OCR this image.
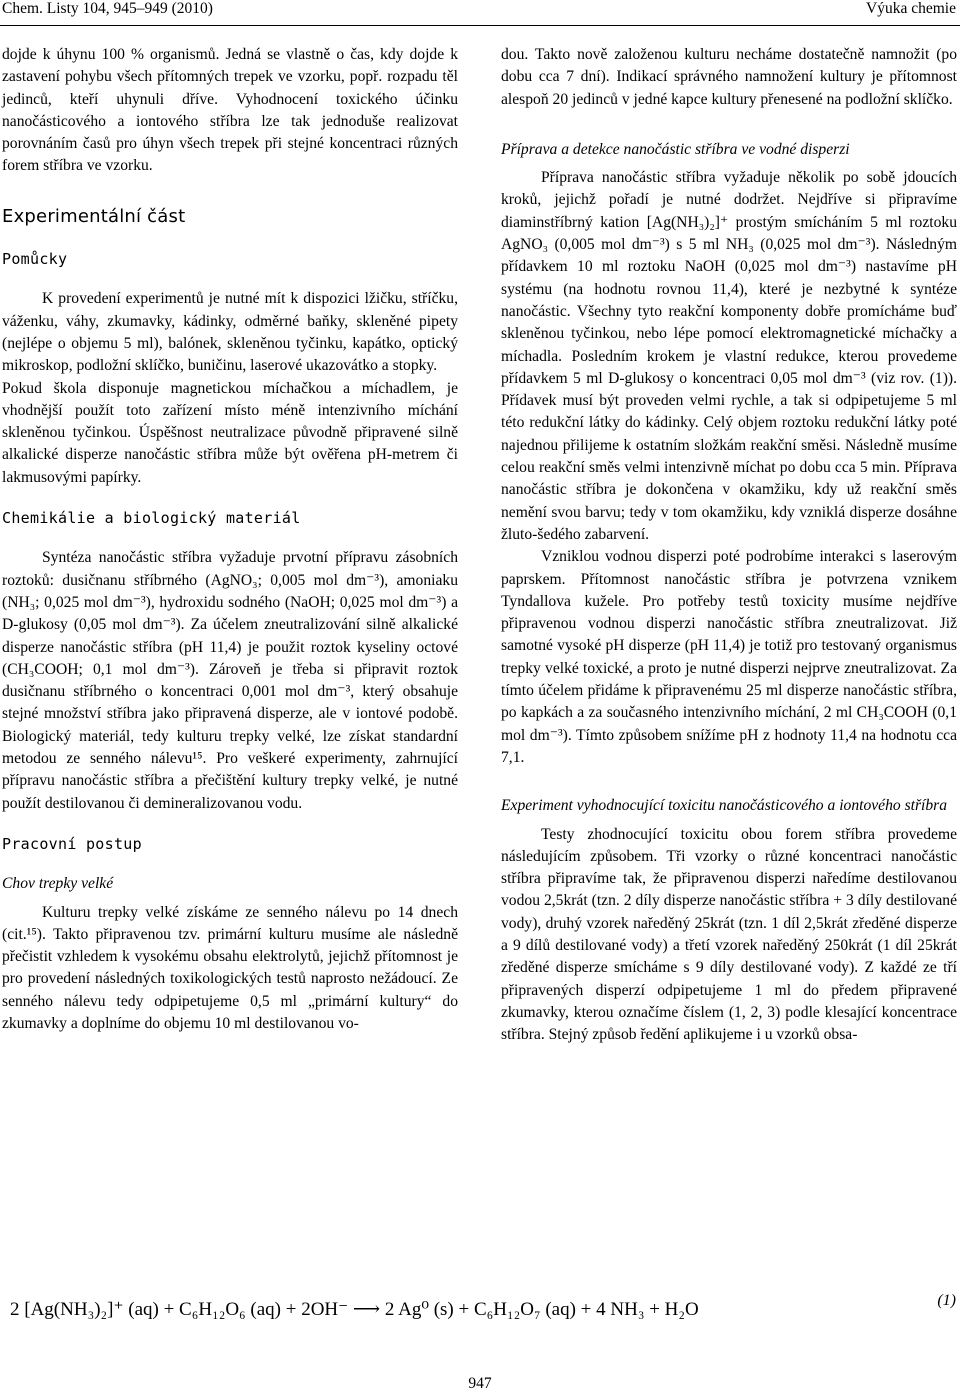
Chem. Listy 104, 945–949 (2010)	Výuka chemie

dojde k úhynu 100 % organismů. Jedná se vlastně o čas, kdy dojde k zastavení pohybu všech přítomných trepek ve vzorku, popř. rozpadu těl jedinců, kteří uhynuli dříve. Vyhodnocení toxického účinku nanočásticového a iontového stříbra lze tak jednoduše realizovat porovnáním časů pro úhyn všech trepek při stejné koncentraci různých forem stříbra ve vzorku.

Experimentální část
Pomůcky

K provedení experimentů je nutné mít k dispozici lžičku, stříčku, váženku, váhy, zkumavky, kádinky, odměrné baňky, skleněné pipety (nejlépe o objemu 5 ml), balónek, skleněnou tyčinku, kapátko, optický mikroskop, podložní sklíčko, buničinu, laserové ukazovátko a stopky.

Pokud škola disponuje magnetickou míchačkou a míchadlem, je vhodnější použít toto zařízení místo méně intenzivního míchání skleněnou tyčinkou. Úspěšnost neutralizace původně připravené silně alkalické disperze nanočástic stříbra může být ověřena pH-metrem či lakmusovými papírky.

Chemikálie a biologický materiál

Syntéza nanočástic stříbra vyžaduje prvotní přípravu zásobních roztoků: dusičnanu stříbrného (AgNO₃; 0,005 mol dm⁻³), amoniaku (NH₃; 0,025 mol dm⁻³), hydroxidu sodného (NaOH; 0,025 mol dm⁻³) a D-glukosy (0,05 mol dm⁻³). Za účelem zneutralizování silně alkalické disperze nanočástic stříbra (pH 11,4) je použit roztok kyseliny octové (CH₃COOH; 0,1 mol dm⁻³). Zároveň je třeba si připravit roztok dusičnanu stříbrného o koncentraci 0,001 mol dm⁻³, který obsahuje stejné množství stříbra jako připravená disperze, ale v iontové podobě. Biologický materiál, tedy kulturu trepky velké, lze získat standardní metodou ze senného nálevu¹⁵. Pro veškeré experimenty, zahrnující přípravu nanočástic stříbra a přečištění kultury trepky velké, je nutné použít destilovanou či demineralizovanou vodu.

Pracovní postup
Chov trepky velké

Kulturu trepky velké získáme ze senného nálevu po 14 dnech (cit.¹⁵). Takto připravenou tzv. primární kulturu musíme ale následně přečistit vzhledem k vysokému obsahu elektrolytů, jejichž přítomnost je pro provedení následných toxikologických testů naprosto nežádoucí. Ze senného nálevu tedy odpipetujeme 0,5 ml „primární kultury“ do zkumavky a doplníme do objemu 10 ml destilovanou vo-

dou. Takto nově založenou kulturu necháme dostatečně namnožit (po dobu cca 7 dní). Indikací správného namnožení kultury je přítomnost alespoň 20 jedinců v jedné kapce kultury přenesené na podložní sklíčko.

Příprava a detekce nanočástic stříbra ve vodné disperzi

Příprava nanočástic stříbra vyžaduje několik po sobě jdoucích kroků, jejichž pořadí je nutné dodržet. Nejdříve si připravíme diaminstříbrný kation [Ag(NH₃)₂]⁺ prostým smícháním 5 ml roztoku AgNO₃ (0,005 mol dm⁻³) s 5 ml NH₃ (0,025 mol dm⁻³). Následným přídavkem 10 ml roztoku NaOH (0,025 mol dm⁻³) nastavíme pH systému (na hodnotu rovnou 11,4), které je nezbytné k syntéze nanočástic. Všechny tyto reakční komponenty dobře promícháme buď skleněnou tyčinkou, nebo lépe pomocí elektromagnetické míchačky a míchadla. Posledním krokem je vlastní redukce, kterou provedeme přídavkem 5 ml D-glukosy o koncentraci 0,05 mol dm⁻³ (viz rov. (1)). Přídavek musí být proveden velmi rychle, a tak si odpipetujeme 5 ml této redukční látky do kádinky. Celý objem roztoku redukční látky poté najednou přilijeme k ostatním složkám reakční směsi. Následně musíme celou reakční směs velmi intenzivně míchat po dobu cca 5 min. Příprava nanočástic stříbra je dokončena v okamžiku, kdy už reakční směs nemění svou barvu; tedy v tom okamžiku, kdy vzniklá disperze dosáhne žluto-šedého zabarvení.

Vzniklou vodnou disperzi poté podrobíme interakci s laserovým paprskem. Přítomnost nanočástic stříbra je potvrzena vznikem Tyndallova kužele. Pro potřeby testů toxicity musíme nejdříve připravenou vodnou disperzi nanočástic stříbra zneutralizovat. Již samotné vysoké pH disperze (pH 11,4) je totiž pro testovaný organismus trepky velké toxické, a proto je nutné disperzi nejprve zneutralizovat. Za tímto účelem přidáme k připravenému 25 ml disperze nanočástic stříbra, po kapkách a za současného intenzivního míchání, 2 ml CH₃COOH (0,1 mol dm⁻³). Tímto způsobem snížíme pH z hodnoty 11,4 na hodnotu cca 7,1.

Experiment vyhodnocující toxicitu nanočásticového a iontového stříbra

Testy zhodnocující toxicitu obou forem stříbra provedeme následujícím způsobem. Tři vzorky o různé koncentraci nanočástic stříbra připravíme tak, že připravenou disperzi naředíme destilovanou vodou 2,5krát (tzn. 2 díly disperze nanočástic stříbra + 3 díly destilované vody), druhý vzorek naředěný 25krát (tzn. 1 díl 2,5krát zředěné disperze a 9 dílů destilované vody) a třetí vzorek naředěný 250krát (1 díl 25krát zředěné disperze smícháme s 9 díly destilované vody). Z každé ze tří připravených disperzí odpipetujeme 1 ml do předem připravené zkumavky, kterou označíme číslem (1, 2, 3) podle klesající koncentrace stříbra. Stejný způsob ředění aplikujeme i u vzorků obsa-

2 [Ag(NH₃)₂]⁺ (aq) + C₆H₁₂O₆ (aq) + 2OH⁻ ⟶ 2 Ag⁰ (s) + C₆H₁₂O₇ (aq) + 4 NH₃ + H₂O	(1)
947
